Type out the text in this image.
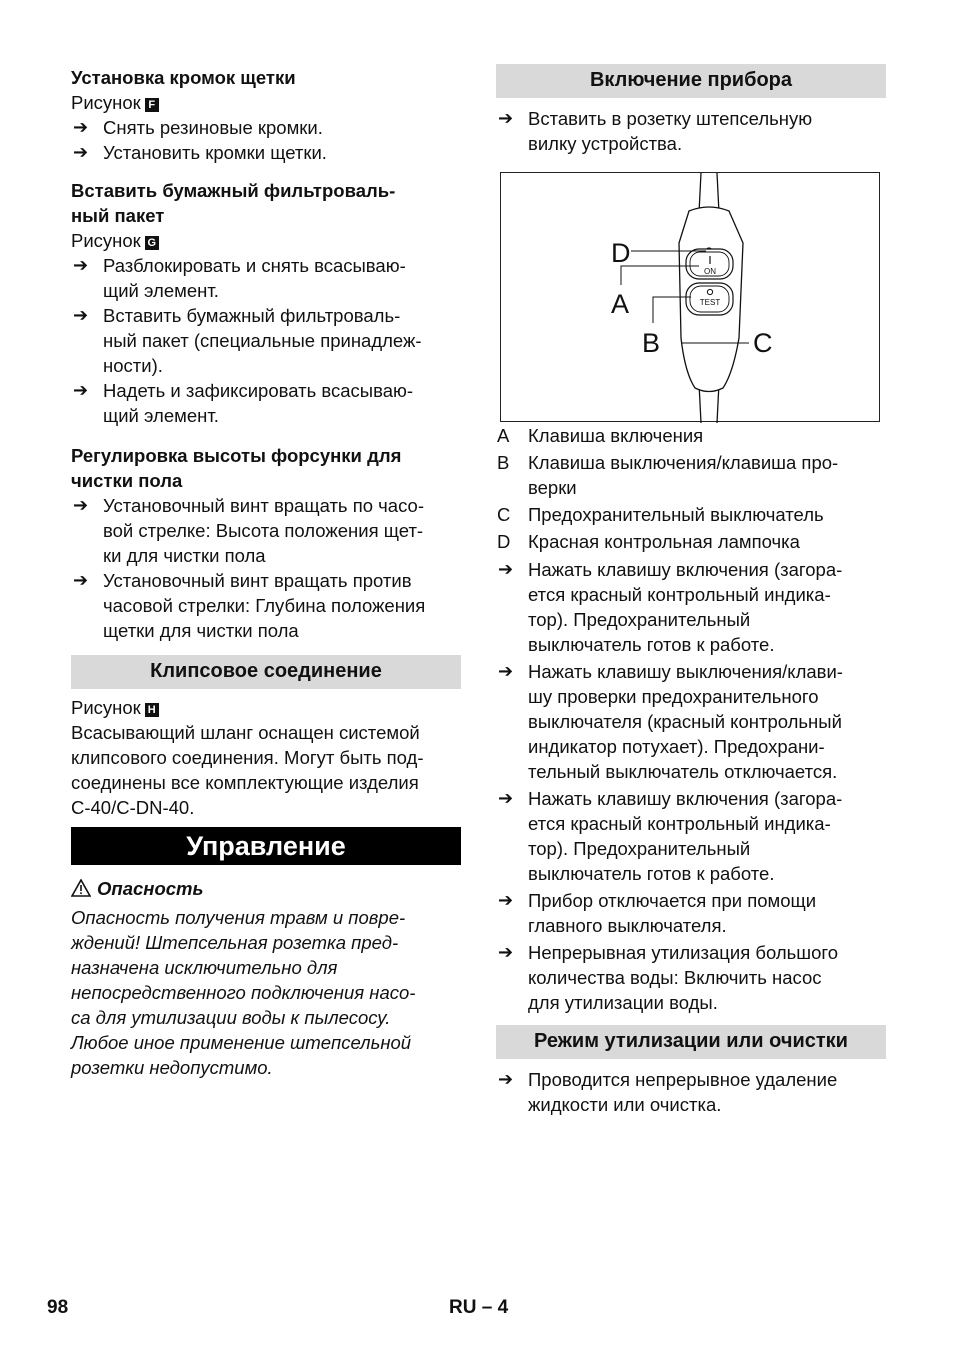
Установка кромок щетки
Рисунок F
➔ Снять резиновые кромки.
➔ Установить кромки щетки.
Вставить бумажный фильтроваль-
ный пакет
Рисунок G
➔ Разблокировать и снять всасываю-
щий элемент.
➔ Вставить бумажный фильтроваль-
ный пакет (специальные принадлеж-
ности).
➔ Надеть и зафиксировать всасываю-
щий элемент.
Регулировка высоты форсунки для
чистки пола
➔ Установочный винт вращать по часо-
вой стрелке: Высота положения щет-
ки для чистки пола
➔ Установочный винт вращать против
часовой стрелки: Глубина положения
щетки для чистки пола
Клипсовое соединение
Рисунок H
Всасывающий шланг оснащен системой
клипсового соединения. Могут быть под-
соединены все комплектующие изделия
C-40/C-DN-40.
Управление
Опасность
Опасность получения травм и повре-
ждений! Штепсельная розетка пред-
назначена исключительно для
непосредственного подключения насо-
са для утилизации воды к пылесосу.
Любое иное применение штепсельной
розетки недопустимо.
Включение прибора
➔ Вставить в розетку штепсельную
вилку устройства.
ON
TEST
D
A
B	C
A Клавиша включения
B Клавиша выключения/клавиша про-
верки
C Предохранительный выключатель
D Красная контрольная лампочка
➔ Нажать клавишу включения (загора-
ется красный контрольный индика-
тор). Предохранительный
выключатель готов к работе.
➔ Нажать клавишу выключения/клави-
шу проверки предохранительного
выключателя (красный контрольный
индикатор потухает). Предохрани-
тельный выключатель отключается.
➔ Нажать клавишу включения (загора-
ется красный контрольный индика-
тор). Предохранительный
выключатель готов к работе.
➔ Прибор отключается при помощи
главного выключателя.
➔ Непрерывная утилизация большого
количества воды: Включить насос
для утилизации воды.
Режим утилизации или очистки
➔ Проводится непрерывное удаление
жидкости или очистка.
98	RU – 4
